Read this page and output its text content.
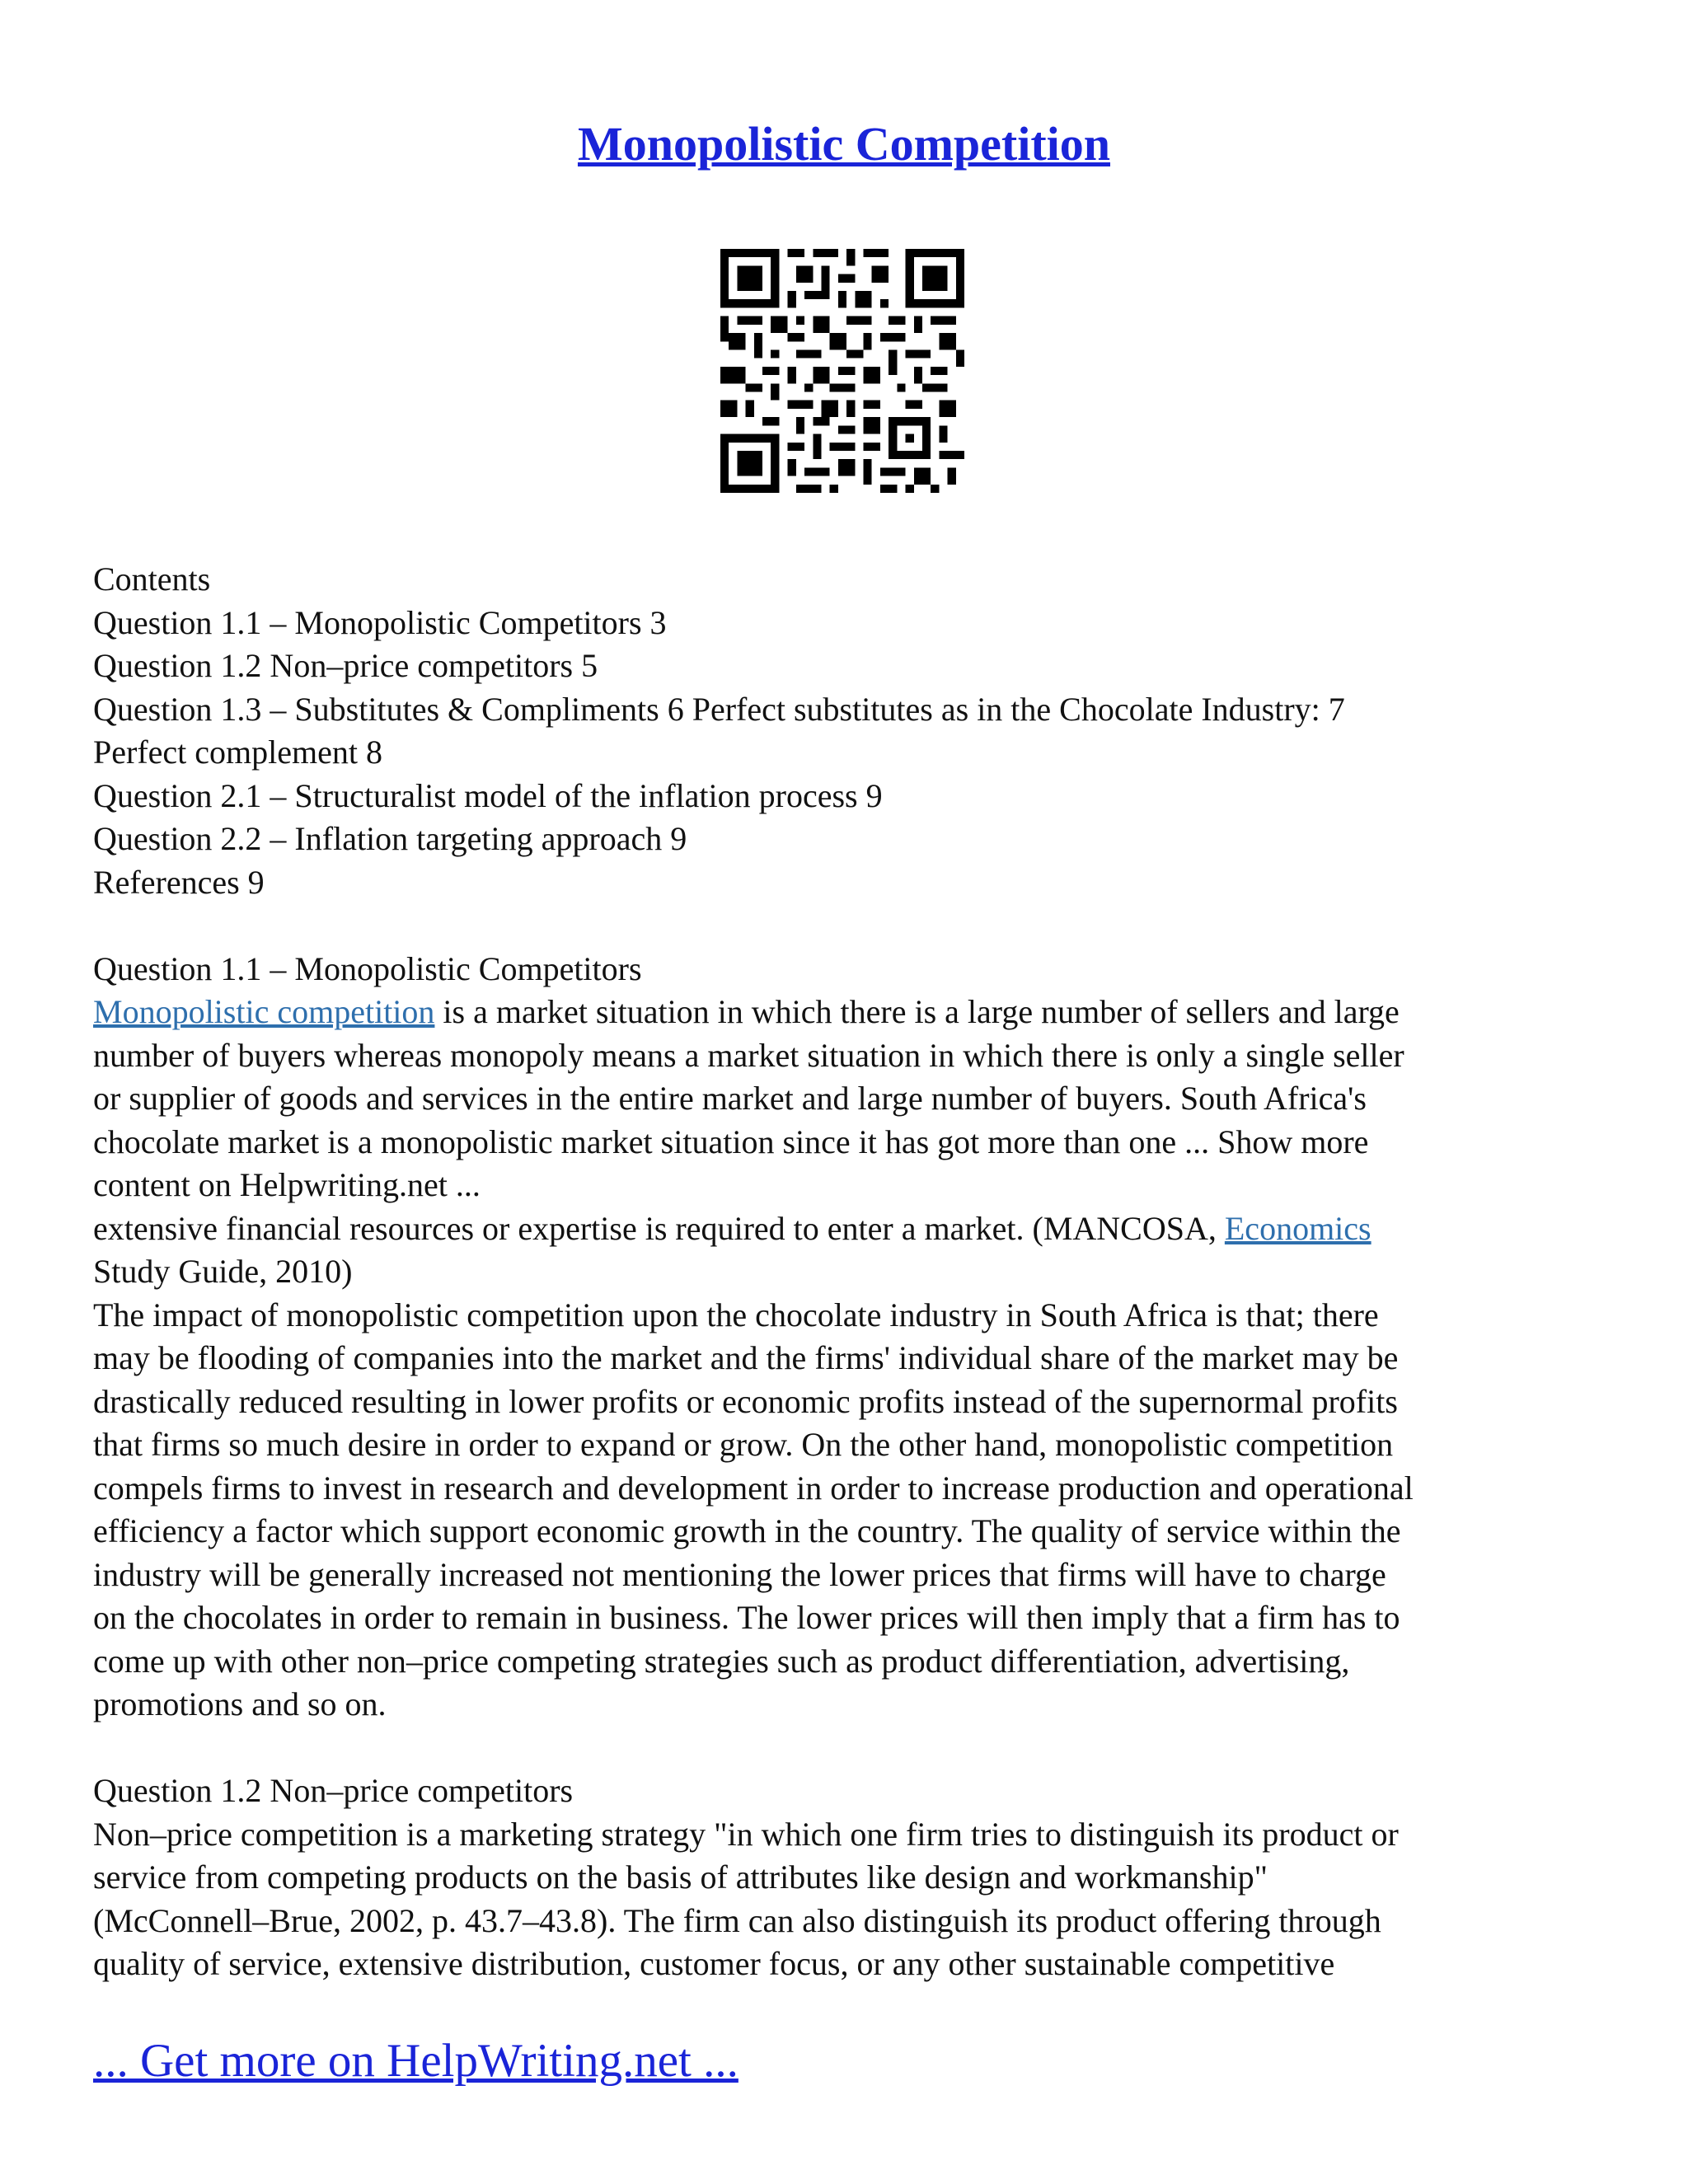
Monopolistic Competition
Contents
Question 1.1 – Monopolistic Competitors 3
Question 1.2 Non–price competitors 5
Question 1.3 – Substitutes & Compliments 6 Perfect substitutes as in the Chocolate Industry: 7
Perfect complement 8
Question 2.1 – Structuralist model of the inflation process 9
Question 2.2 – Inflation targeting approach 9
References 9
Question 1.1 – Monopolistic Competitors
Monopolistic competition is a market situation in which there is a large number of sellers and large
number of buyers whereas monopoly means a market situation in which there is only a single seller
or supplier of goods and services in the entire market and large number of buyers. South Africa's
chocolate market is a monopolistic market situation since it has got more than one ... Show more
content on Helpwriting.net ...
extensive financial resources or expertise is required to enter a market. (MANCOSA, Economics
Study Guide, 2010)
The impact of monopolistic competition upon the chocolate industry in South Africa is that; there
may be flooding of companies into the market and the firms' individual share of the market may be
drastically reduced resulting in lower profits or economic profits instead of the supernormal profits
that firms so much desire in order to expand or grow. On the other hand, monopolistic competition
compels firms to invest in research and development in order to increase production and operational
efficiency a factor which support economic growth in the country. The quality of service within the
industry will be generally increased not mentioning the lower prices that firms will have to charge
on the chocolates in order to remain in business. The lower prices will then imply that a firm has to
come up with other non–price competing strategies such as product differentiation, advertising,
promotions and so on.
Question 1.2 Non–price competitors
Non–price competition is a marketing strategy "in which one firm tries to distinguish its product or
service from competing products on the basis of attributes like design and workmanship"
(McConnell–Brue, 2002, p. 43.7–43.8). The firm can also distinguish its product offering through
quality of service, extensive distribution, customer focus, or any other sustainable competitive
... Get more on HelpWriting.net ...
